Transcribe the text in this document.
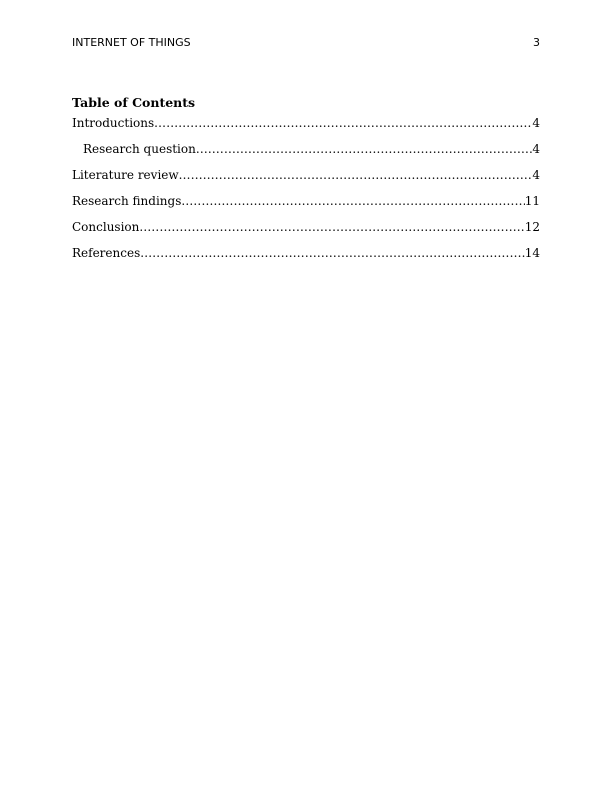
INTERNET OF THINGS	3
Table of Contents
Introductions .....	4
Research question .....	4
Literature review .....	4
Research findings .....	11
Conclusion .....	12
References .....	14
